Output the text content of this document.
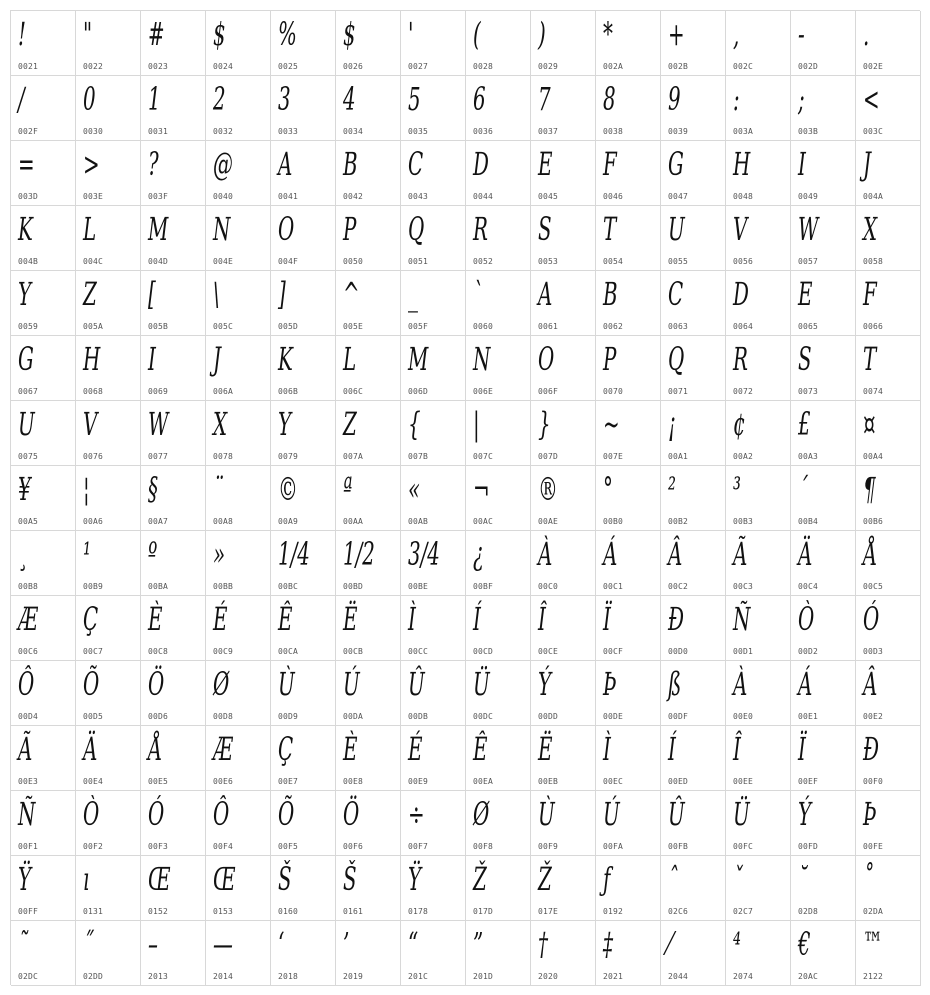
!
0021
"
0022
#
0023
$
0024
%
0025
$
0026
'
0027
(
0028
)
0029
*
002A
+
002B
,
002C
-
002D
.
002E
/
002F
0
0030
1
0031
2
0032
3
0033
4
0034
5
0035
6
0036
7
0037
8
0038
9
0039
:
003A
;
003B
<
003C
=
003D
>
003E
?
003F
@
0040
A
0041
B
0042
C
0043
D
0044
E
0045
F
0046
G
0047
H
0048
I
0049
J
004A
K
004B
L
004C
M
004D
N
004E
O
004F
P
0050
Q
0051
R
0052
S
0053
T
0054
U
0055
V
0056
W
0057
X
0058
Y
0059
Z
005A
[
005B
\
005C
]
005D
^
005E
_
005F
`
0060
A
0061
B
0062
C
0063
D
0064
E
0065
F
0066
G
0067
H
0068
I
0069
J
006A
K
006B
L
006C
M
006D
N
006E
O
006F
P
0070
Q
0071
R
0072
S
0073
T
0074
U
0075
V
0076
W
0077
X
0078
Y
0079
Z
007A
{
007B
|
007C
}
007D
~
007E
¡
00A1
¢
00A2
£
00A3
¤
00A4
¥
00A5
¦
00A6
§
00A7
¨
00A8
©
00A9
ª
00AA
«
00AB
¬
00AC
®
00AE
°
00B0
²
00B2
³
00B3
´
00B4
¶
00B6
¸
00B8
¹
00B9
º
00BA
»
00BB
1/4
00BC
1/2
00BD
3/4
00BE
¿
00BF
À
00C0
Á
00C1
Â
00C2
Ã
00C3
Ä
00C4
Å
00C5
Æ
00C6
Ç
00C7
È
00C8
É
00C9
Ê
00CA
Ë
00CB
Ì
00CC
Í
00CD
Î
00CE
Ï
00CF
Đ
00D0
Ñ
00D1
Ò
00D2
Ó
00D3
Ô
00D4
Õ
00D5
Ö
00D6
Ø
00D8
Ù
00D9
Ú
00DA
Û
00DB
Ü
00DC
Ý
00DD
Þ
00DE
ß
00DF
À
00E0
Á
00E1
Â
00E2
Ã
00E3
Ä
00E4
Å
00E5
Æ
00E6
Ç
00E7
È
00E8
É
00E9
Ê
00EA
Ë
00EB
Ì
00EC
Í
00ED
Î
00EE
Ï
00EF
Đ
00F0
Ñ
00F1
Ò
00F2
Ó
00F3
Ô
00F4
Õ
00F5
Ö
00F6
÷
00F7
Ø
00F8
Ù
00F9
Ú
00FA
Û
00FB
Ü
00FC
Ý
00FD
Þ
00FE
Ÿ
00FF
ı
0131
Œ
0152
Œ
0153
Š
0160
Š
0161
Ÿ
0178
Ž
017D
Ž
017E
ƒ
0192
ˆ
02C6
ˇ
02C7
˘
02D8
˚
02DA
˜
02DC
˝
02DD
–
2013
—
2014
‘
2018
’
2019
“
201C
”
201D
†
2020
‡
2021
⁄
2044
⁴
2074
€
20AC
™
2122
